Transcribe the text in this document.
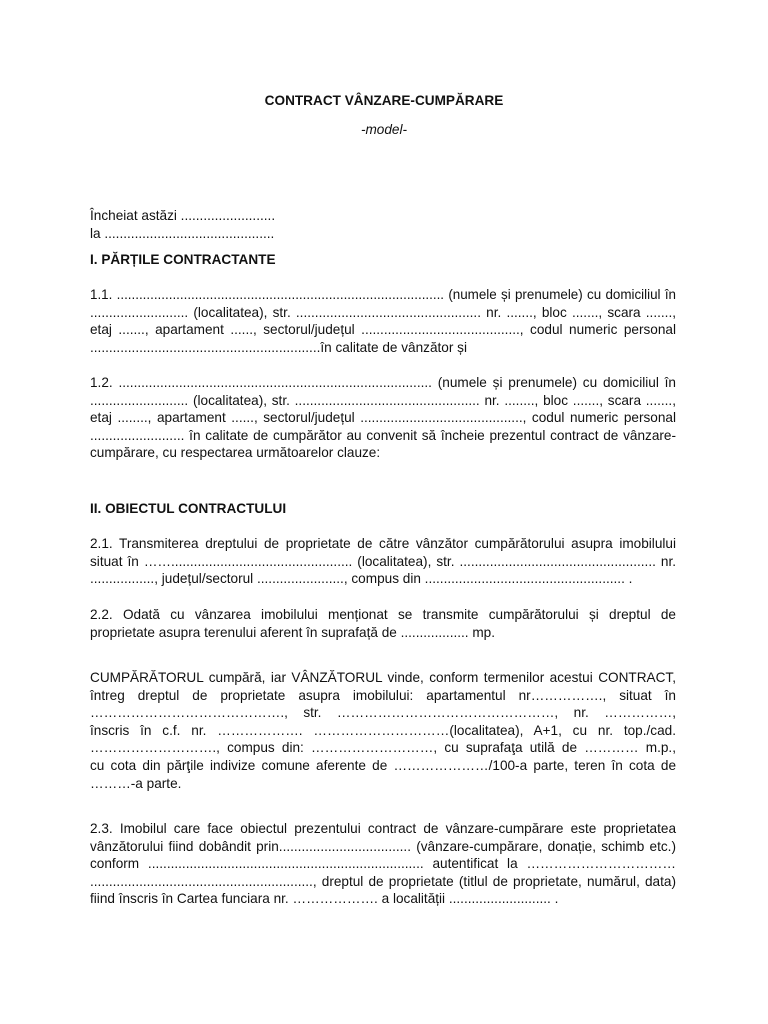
CONTRACT VÂNZARE-CUMPĂRARE
-model-

Încheiat astăzi .........................

la .............................................

I. PĂRȚILE CONTRACTANTE

1.1. ........................................................................................ (numele și prenumele) cu domiciliul în

.......................... (localitatea), str. ................................................. nr. ......., bloc ......., scara .......,

etaj ......., apartament ......, sectorul/județul .........................................., codul numeric personal

.............................................................în calitate de vânzător și

1.2. ................................................................................... (numele și prenumele) cu domiciliul în

.......................... (localitatea), str. ................................................. nr. ........, bloc ......., scara .......,

etaj ........, apartament ......, sectorul/județul ..........................................., codul numeric personal

......................... în calitate de cumpărător au convenit să încheie prezentul contract de vânzare-

cumpărare, cu respectarea următoarelor clauze:

II. OBIECTUL CONTRACTULUI

2.1. Transmiterea dreptului de proprietate de către vânzător cumpărătorului asupra imobilului

situat în ……................................................ (localitatea), str. .................................................... nr.

................., județul/sectorul ......................., compus din ..................................................... .

2.2. Odată cu vânzarea imobilului menționat se transmite cumpărătorului și dreptul de

proprietate asupra terenului aferent în suprafață de .................. mp.

CUMPĂRĂTORUL cumpără, iar VÂNZĂTORUL vinde, conform termenilor acestui CONTRACT,

întreg dreptul de proprietate asupra imobilului: apartamentul nr……………., situat în

……………………………………., str. …………………………………………, nr. ……………,

înscris în c.f. nr. ………………. …………………………(localitatea), A+1, cu nr. top./cad.

………………………., compus din: ………………………, cu suprafaţa utilă de ………… m.p.,

cu cota din părţile indivize comune aferente de …………………/100-a parte, teren în cota de

………-a parte.

2.3. Imobilul care face obiectul prezentului contract de vânzare-cumpărare este proprietatea

vânzătorului fiind dobândit prin................................... (vânzare-cumpărare, donație, schimb etc.)

conform ......................................................................... autentificat la ……………………………

..........................................................., dreptul de proprietate (titlul de proprietate, numărul, data)

fiind înscris în Cartea funciara nr. ………………. a localității ........................... .
